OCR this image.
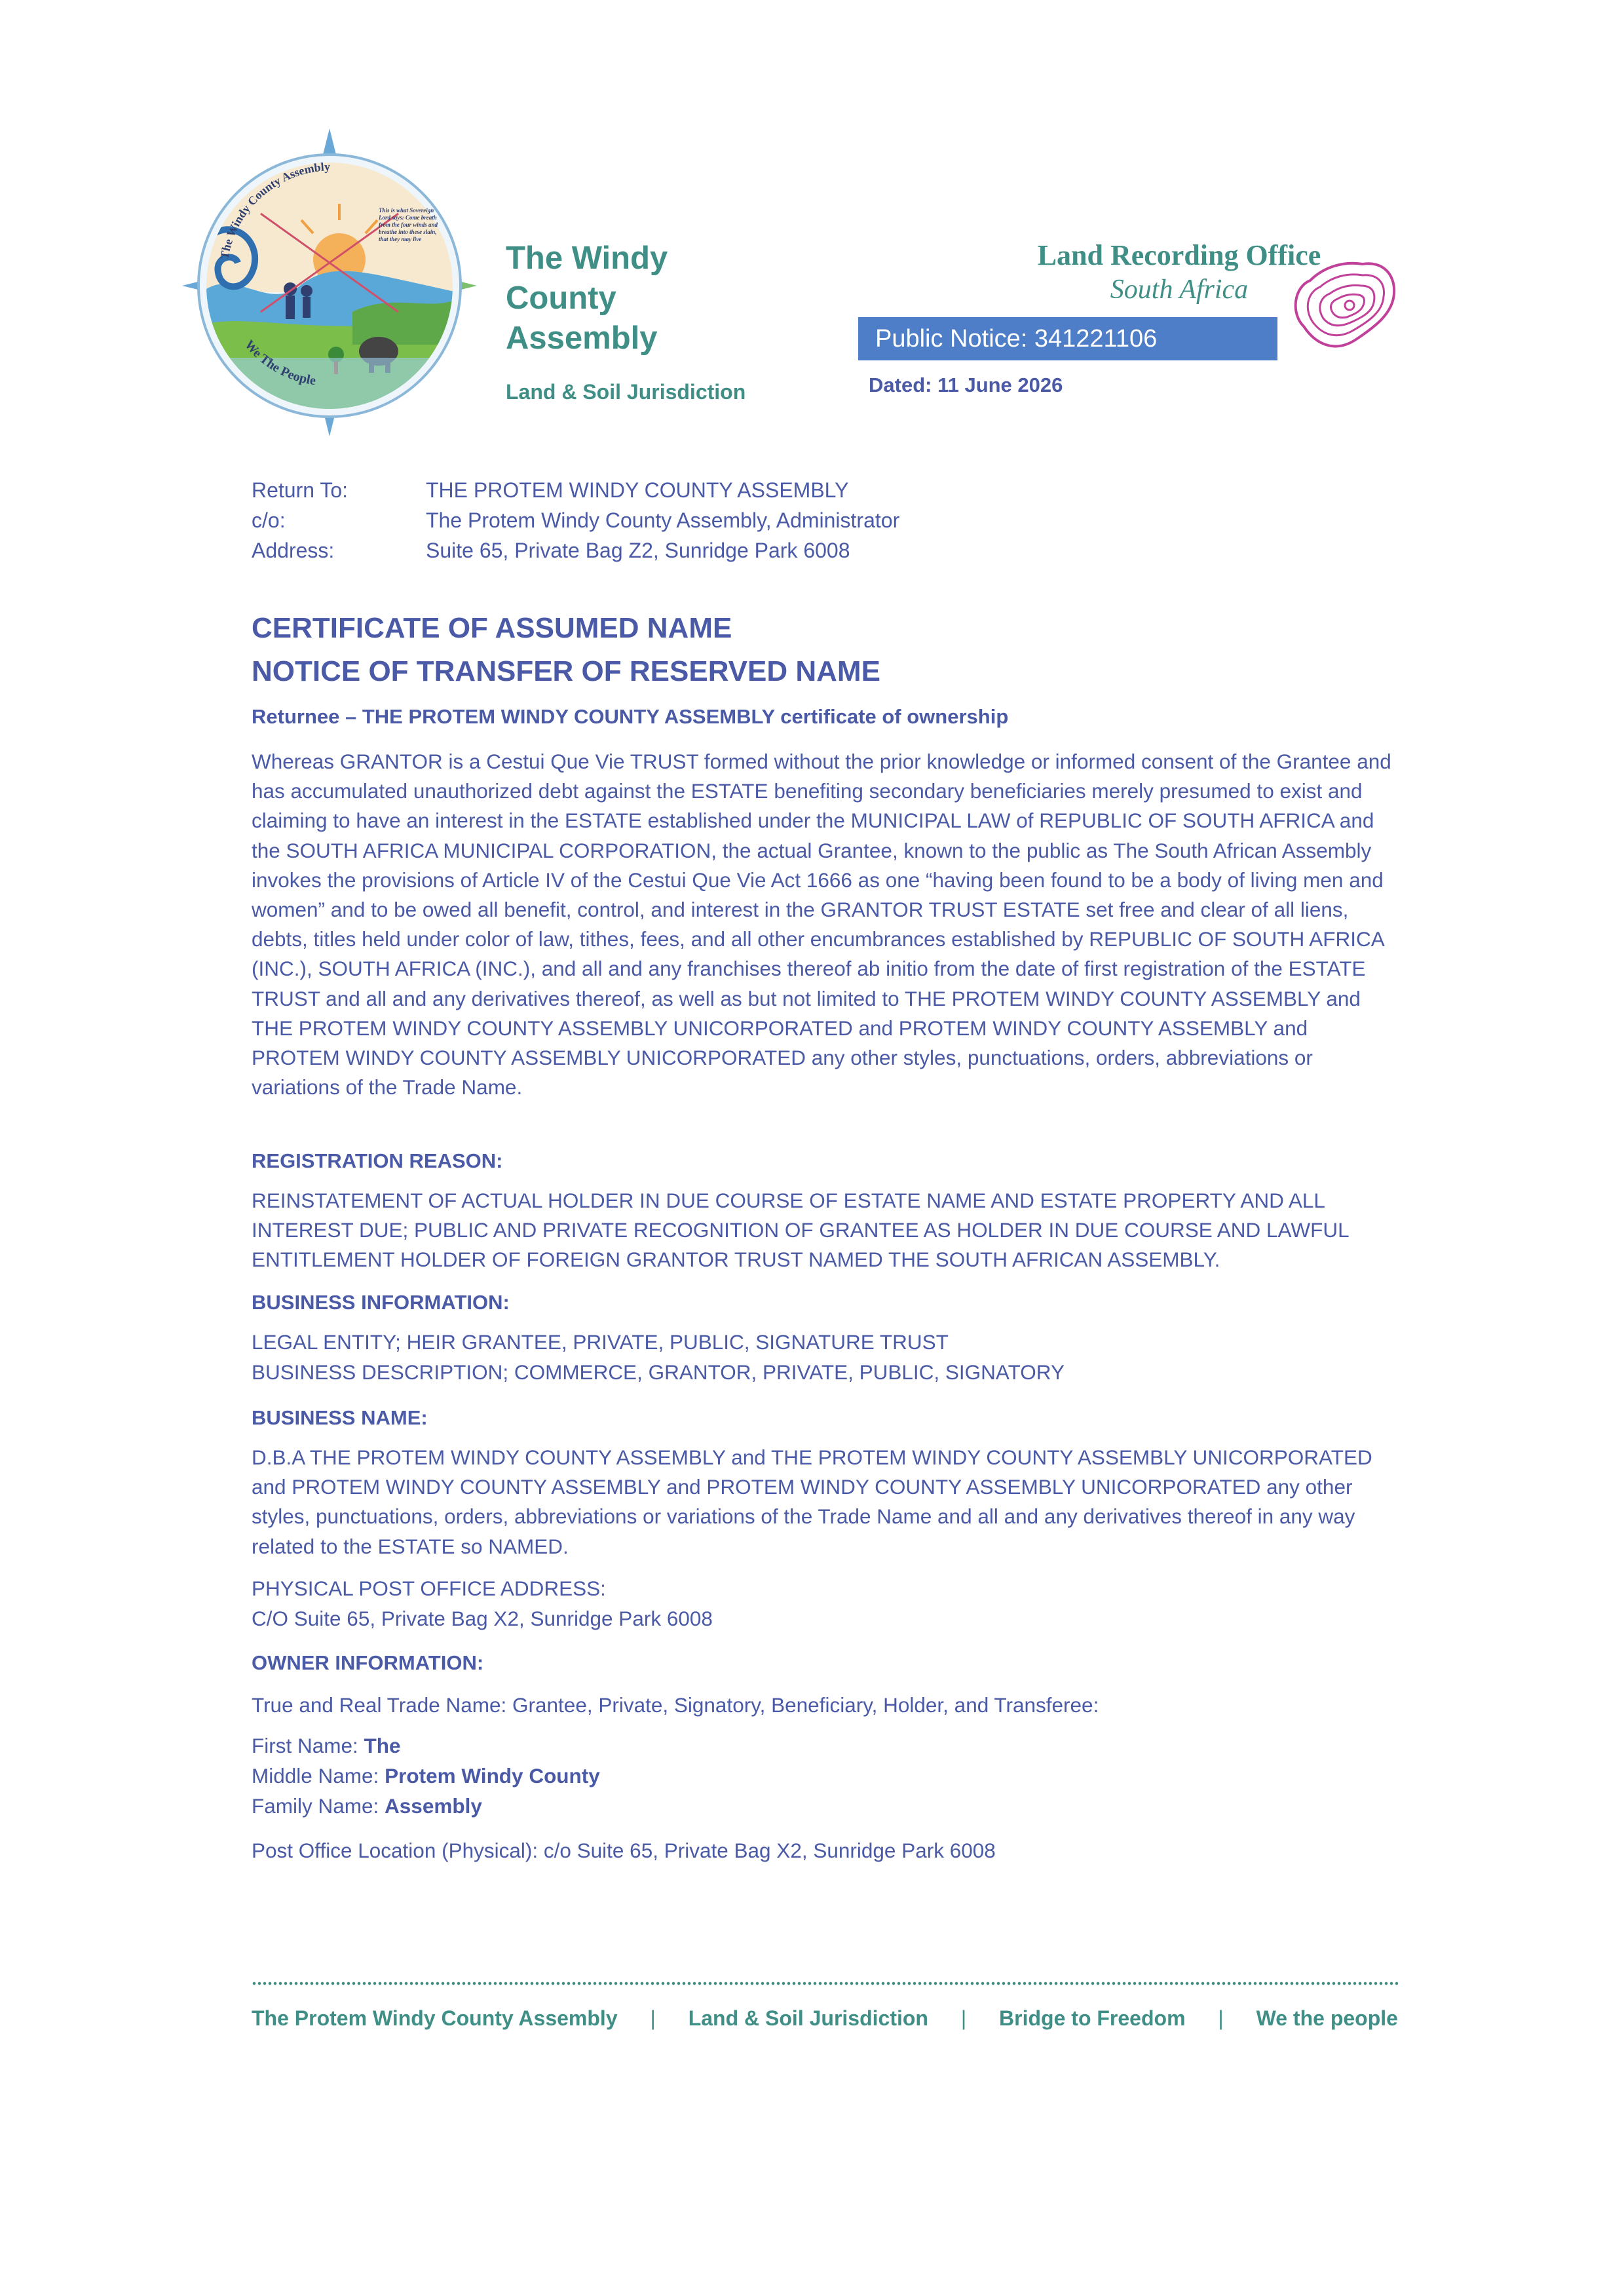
The Windy County Assembly
We The People
This is what Sovereign Lord says: Come breath from the four winds and breathe into these slain, that they may live
The Windy
County
Assembly
Land & Soil Jurisdiction
Land Recording Office
South Africa
Public Notice: 341221106
Dated: 11 June 2026
Return To:	THE PROTEM WINDY COUNTY ASSEMBLY
c/o:	The Protem Windy County Assembly, Administrator
Address:	Suite 65, Private Bag Z2, Sunridge Park 6008
CERTIFICATE OF ASSUMED NAME
NOTICE OF TRANSFER OF RESERVED NAME
Returnee – THE PROTEM WINDY COUNTY ASSEMBLY certificate of ownership
Whereas GRANTOR is a Cestui Que Vie TRUST formed without the prior knowledge or informed consent of the Grantee and has accumulated unauthorized debt against the ESTATE benefiting secondary beneficiaries merely presumed to exist and claiming to have an interest in the ESTATE established under the MUNICIPAL LAW of REPUBLIC OF SOUTH AFRICA and the SOUTH AFRICA MUNICIPAL CORPORATION, the actual Grantee, known to the public as The South African Assembly invokes the provisions of Article IV of the Cestui Que Vie Act 1666 as one “having been found to be a body of living men and women” and to be owed all benefit, control, and interest in the GRANTOR TRUST ESTATE set free and clear of all liens, debts, titles held under color of law, tithes, fees, and all other encumbrances established by REPUBLIC OF SOUTH AFRICA (INC.), SOUTH AFRICA (INC.), and all and any franchises thereof ab initio from the date of first registration of the ESTATE TRUST and all and any derivatives thereof, as well as but not limited to THE PROTEM WINDY COUNTY ASSEMBLY and THE PROTEM WINDY COUNTY ASSEMBLY UNICORPORATED and PROTEM WINDY COUNTY ASSEMBLY and PROTEM WINDY COUNTY ASSEMBLY UNICORPORATED any other styles, punctuations, orders, abbreviations or variations of the Trade Name.
REGISTRATION REASON:
REINSTATEMENT OF ACTUAL HOLDER IN DUE COURSE OF ESTATE NAME AND ESTATE PROPERTY AND ALL INTEREST DUE; PUBLIC AND PRIVATE RECOGNITION OF GRANTEE AS HOLDER IN DUE COURSE AND LAWFUL ENTITLEMENT HOLDER OF FOREIGN GRANTOR TRUST NAMED THE SOUTH AFRICAN ASSEMBLY.
BUSINESS INFORMATION:
LEGAL ENTITY; HEIR GRANTEE, PRIVATE, PUBLIC, SIGNATURE TRUST
BUSINESS DESCRIPTION; COMMERCE, GRANTOR, PRIVATE, PUBLIC, SIGNATORY
BUSINESS NAME:
D.B.A THE PROTEM WINDY COUNTY ASSEMBLY and THE PROTEM WINDY COUNTY ASSEMBLY UNICORPORATED and PROTEM WINDY COUNTY ASSEMBLY and PROTEM WINDY COUNTY ASSEMBLY UNICORPORATED any other styles, punctuations, orders, abbreviations or variations of the Trade Name and all and any derivatives thereof in any way related to the ESTATE so NAMED.
PHYSICAL POST OFFICE ADDRESS:
C/O Suite 65, Private Bag X2, Sunridge Park 6008
OWNER INFORMATION:
True and Real Trade Name: Grantee, Private, Signatory, Beneficiary, Holder, and Transferee:
First Name: The
Middle Name: Protem Windy County
Family Name: Assembly
Post Office Location (Physical): c/o Suite 65, Private Bag X2, Sunridge Park 6008
The Protem Windy County Assembly | Land & Soil Jurisdiction | Bridge to Freedom | We the people
